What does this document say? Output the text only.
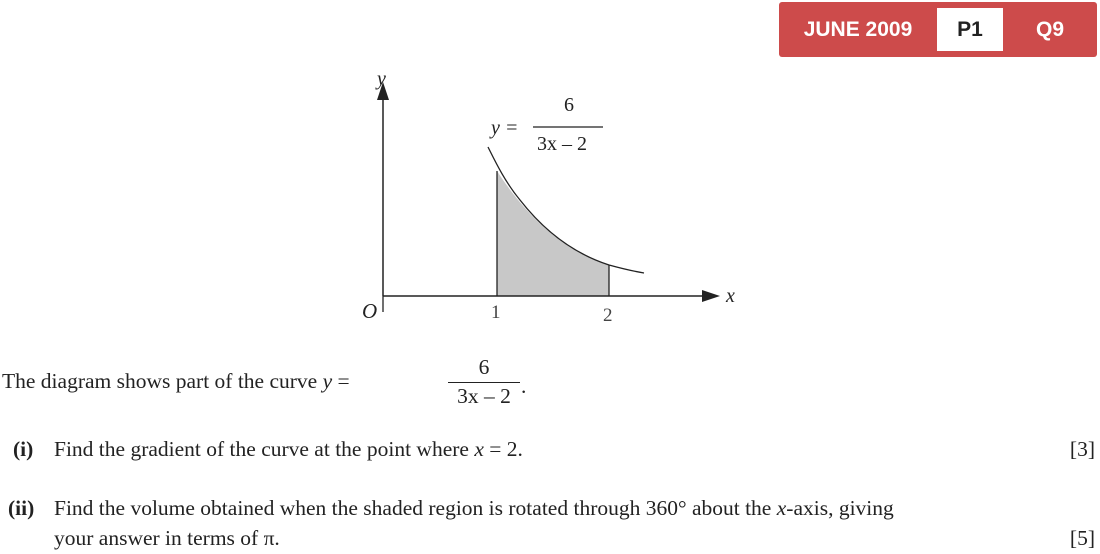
JUNE 2009	P1	Q9
y
x
O	1	2
y =
6
3x – 2
The diagram shows part of the curve y =
6
3x – 2 .
(i) Find the gradient of the curve at the point where x = 2.	[3]
(ii) Find the volume obtained when the shaded region is rotated through 360° about the x-axis, giving
your answer in terms of π.	[5]
